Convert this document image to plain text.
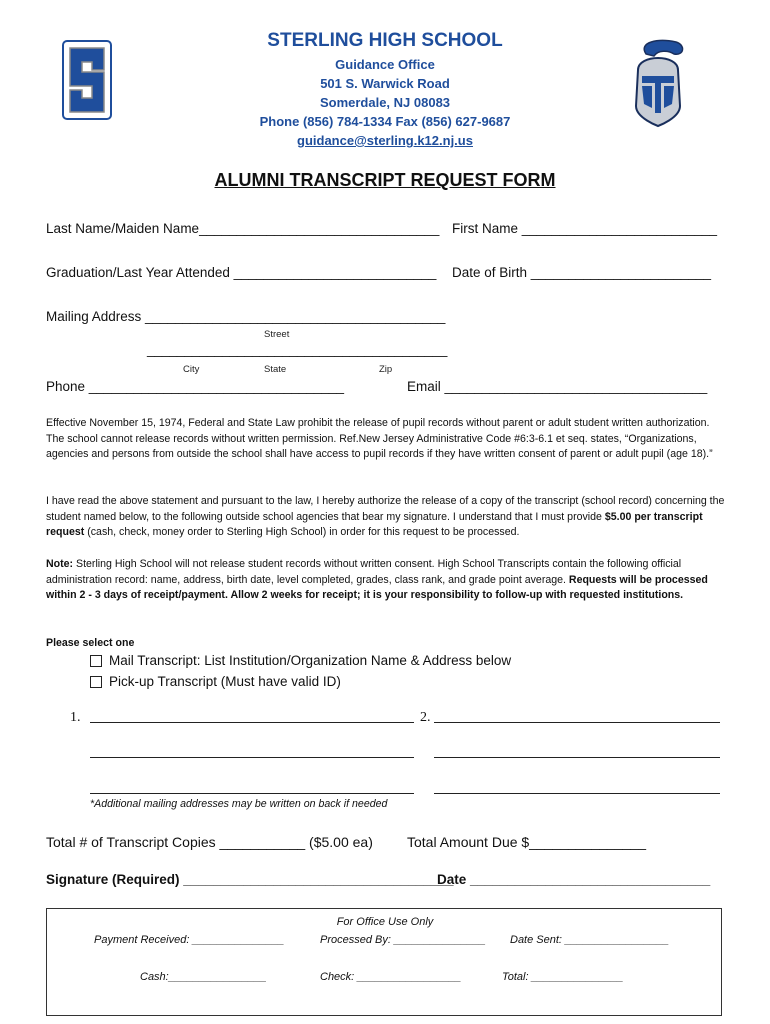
STERLING HIGH SCHOOL
Guidance Office
501 S. Warwick Road
Somerdale, NJ 08083
Phone (856) 784-1334 Fax (856) 627-9687
guidance@sterling.k12.nj.us
ALUMNI TRANSCRIPT REQUEST FORM
Last Name/Maiden Name________________________________ First Name __________________________
Graduation/Last Year Attended ___________________________ Date of Birth ________________________
Mailing Address ________________________________________
Street
________________________________________
City	State	Zip
Phone __________________________________	Email ___________________________________
Effective November 15, 1974, Federal and State Law prohibit the release of pupil records without parent or adult student written authorization. The school cannot release records without written permission. Ref.New Jersey Administrative Code #6:3-6.1 et seq. states, “Organizations, agencies and persons from outside the school shall have access to pupil records if they have written consent of parent or adult pupil (age 18).”
I have read the above statement and pursuant to the law, I hereby authorize the release of a copy of the transcript (school record) concerning the student named below, to the following outside school agencies that bear my signature. I understand that I must provide $5.00 per transcript request (cash, check, money order to Sterling High School) in order for this request to be processed.
Note: Sterling High School will not release student records without written consent. High School Transcripts contain the following official administration record: name, address, birth date, level completed, grades, class rank, and grade point average. Requests will be processed within 2 - 3 days of receipt/payment. Allow 2 weeks for receipt; it is your responsibility to follow-up with requested institutions.
Please select one
Mail Transcript: List Institution/Organization Name & Address below
Pick-up Transcript (Must have valid ID)
1.	2.
*Additional mailing addresses may be written on back if needed
Total # of Transcript Copies ___________ ($5.00 ea) Total Amount Due $_______________
Signature (Required) ____________________________________
Date ________________________________
For Office Use Only
Payment Received: _______________	Processed By: _______________ Date Sent: _________________
Cash:________________	Check: _________________	Total: _______________
